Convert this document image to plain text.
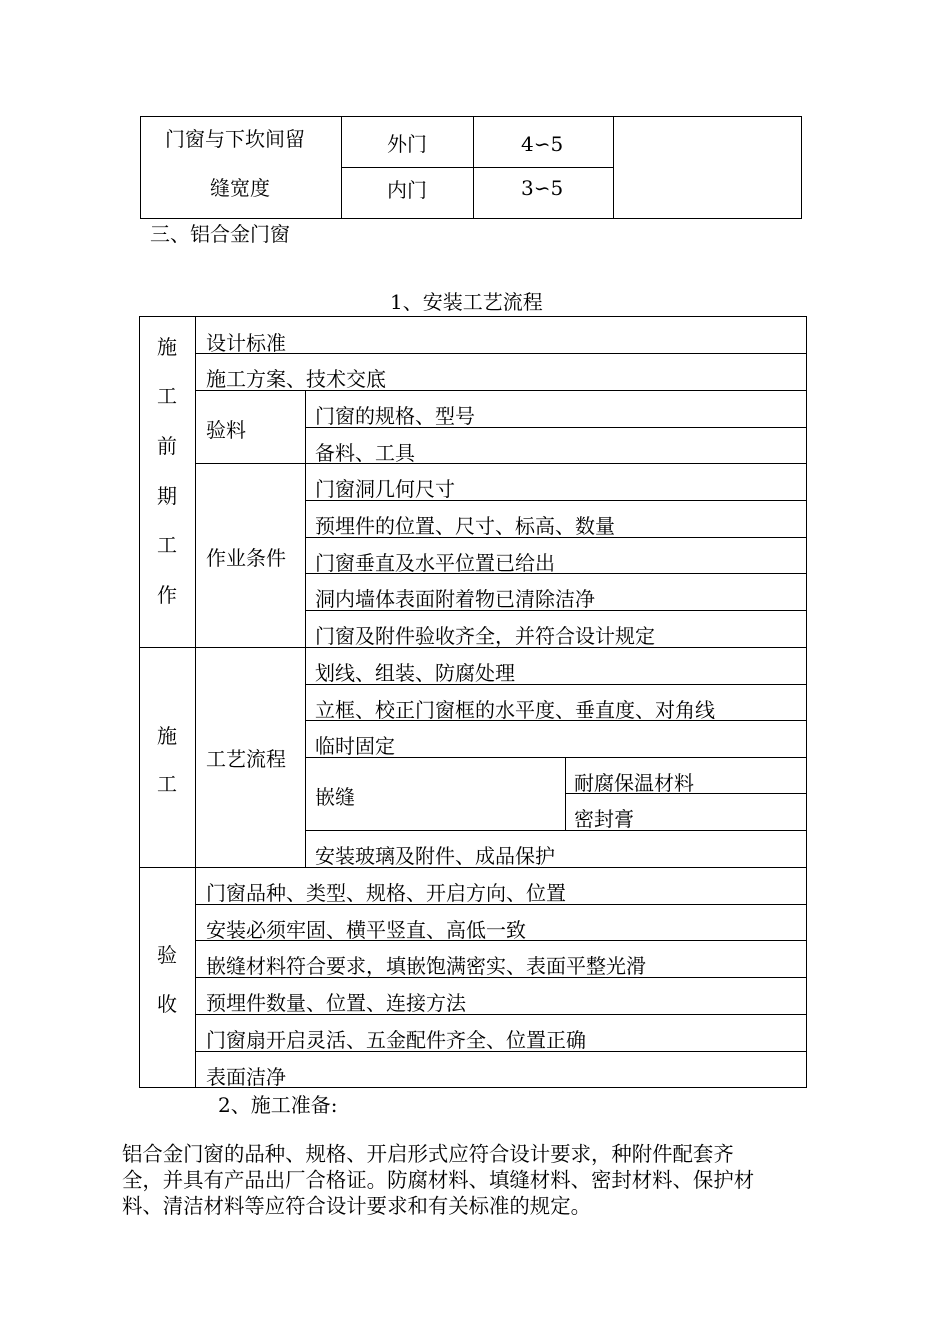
门窗与下坎间留
缝宽度
外门	4∽5
内门	3∽5
三、铝合金门窗
1、安装工艺流程
施
工
前
期
工
作
设计标准
施工方案、技术交底
验料
门窗的规格、型号
备料、工具
作业条件
门窗洞几何尺寸
预埋件的位置、尺寸、标高、数量
门窗垂直及水平位置已给出
洞内墙体表面附着物已清除洁净
门窗及附件验收齐全，并符合设计规定
施
工
工艺流程
划线、组装、防腐处理
立框、校正门窗框的水平度、垂直度、对角线
临时固定
嵌缝
耐腐保温材料
密封膏
安装玻璃及附件、成品保护
验
收
门窗品种、类型、规格、开启方向、位置
安装必须牢固、横平竖直、高低一致
嵌缝材料符合要求，填嵌饱满密实、表面平整光滑
预埋件数量、位置、连接方法
门窗扇开启灵活、五金配件齐全、位置正确
表面洁净
2、施工准备:
铝合金门窗的品种、规格、开启形式应符合设计要求，种附件配套齐
全，并具有产品出厂合格证。防腐材料、填缝材料、密封材料、保护材
料、清洁材料等应符合设计要求和有关标准的规定。
